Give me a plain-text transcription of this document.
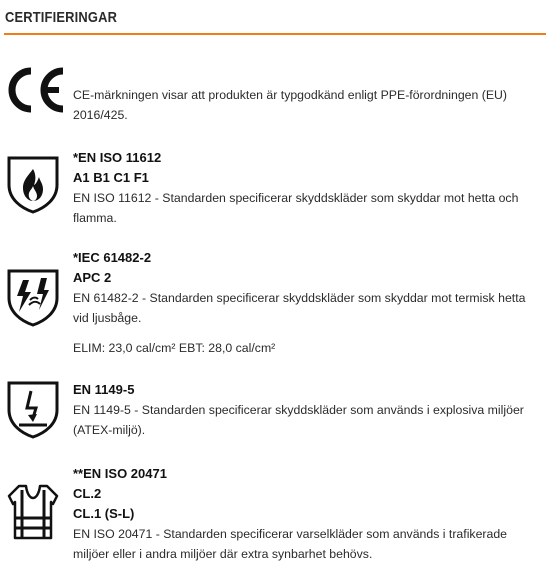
CERTIFIERINGAR
CE-märkningen visar att produkten är typgodkänd enligt PPE-förordningen (EU) 2016/425.
*EN ISO 11612
A1 B1 C1 F1
EN ISO 11612 - Standarden specificerar skyddskläder som skyddar mot hetta och flamma.
*IEC 61482-2
APC 2
EN 61482-2 - Standarden specificerar skyddskläder som skyddar mot termisk hetta vid ljusbåge.
ELIM: 23,0 cal/cm² EBT: 28,0 cal/cm²
EN 1149-5
EN 1149-5 - Standarden specificerar skyddskläder som används i explosiva miljöer (ATEX-miljö).
**EN ISO 20471
CL.2
CL.1 (S-L)
EN ISO 20471 - Standarden specificerar varselkläder som används i trafikerade miljöer eller i andra miljöer där extra synbarhet behövs.
